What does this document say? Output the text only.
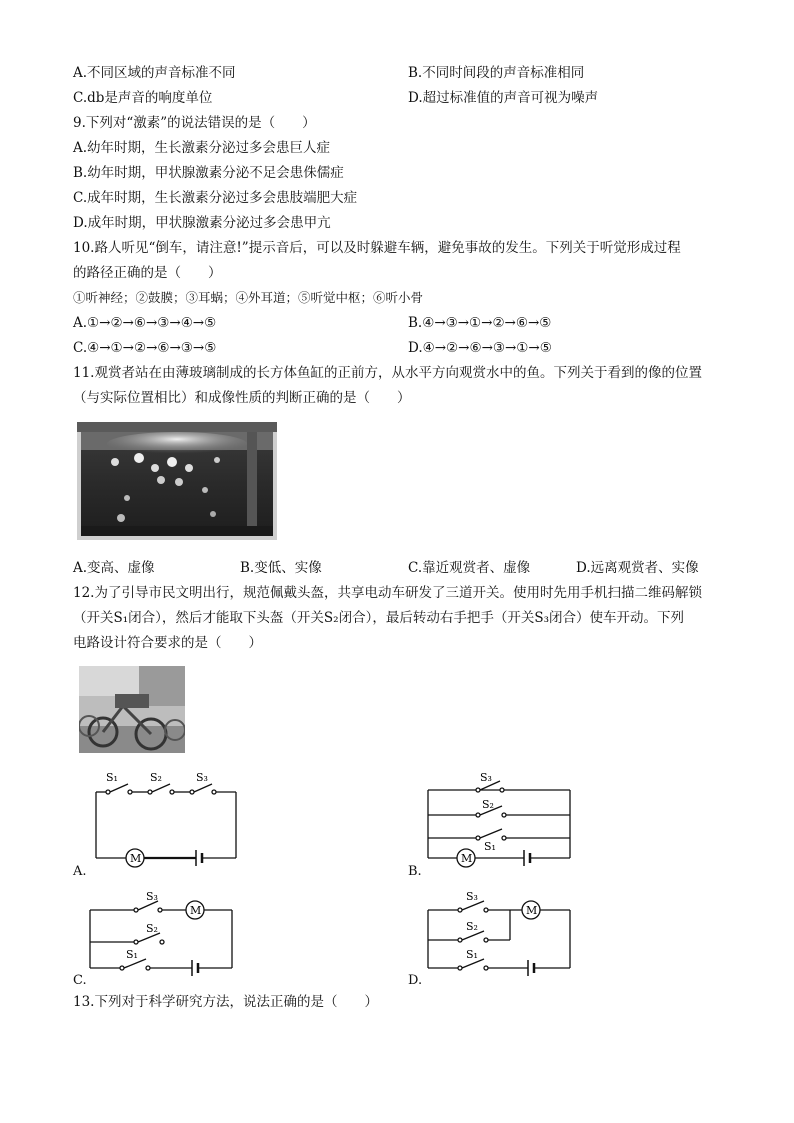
A.不同区域的声音标准不同	B.不同时间段的声音标准相同
C.db是声音的响度单位	D.超过标准值的声音可视为噪声
9.下列对“激素”的说法错误的是（　　）
A.幼年时期，生长激素分泌过多会患巨人症
B.幼年时期，甲状腺激素分泌不足会患侏儒症
C.成年时期，生长激素分泌过多会患肢端肥大症
D.成年时期，甲状腺激素分泌过多会患甲亢
10.路人听见“倒车，请注意!”提示音后，可以及时躲避车辆，避免事故的发生。下列关于听觉形成过程
的路径正确的是（　　）
①听神经；②鼓膜；③耳蜗；④外耳道；⑤听觉中枢；⑥听小骨
A.①→②→⑥→③→④→⑤	B.④→③→①→②→⑥→⑤
C.④→①→②→⑥→③→⑤	D.④→②→⑥→③→①→⑤
11.观赏者站在由薄玻璃制成的长方体鱼缸的正前方，从水平方向观赏水中的鱼。下列关于看到的像的位置
（与实际位置相比）和成像性质的判断正确的是（　　）
A.变高、虚像	B.变低、实像	C.靠近观赏者、虚像	D.远离观赏者、实像
12.为了引导市民文明出行，规范佩戴头盔，共享电动车研发了三道开关。使用时先用手机扫描二维码解锁
（开关S₁闭合），然后才能取下头盔（开关S₂闭合），最后转动右手把手（开关S₃闭合）使车开动。下列
电路设计符合要求的是（　　）
S₁	S₂	S₃
M
A.
S₃
S₂
S₁
M
B.
S₃
S₂
S₁
M
C.
S₃
S₂
S₁
M
D.
13.下列对于科学研究方法，说法正确的是（　　）
